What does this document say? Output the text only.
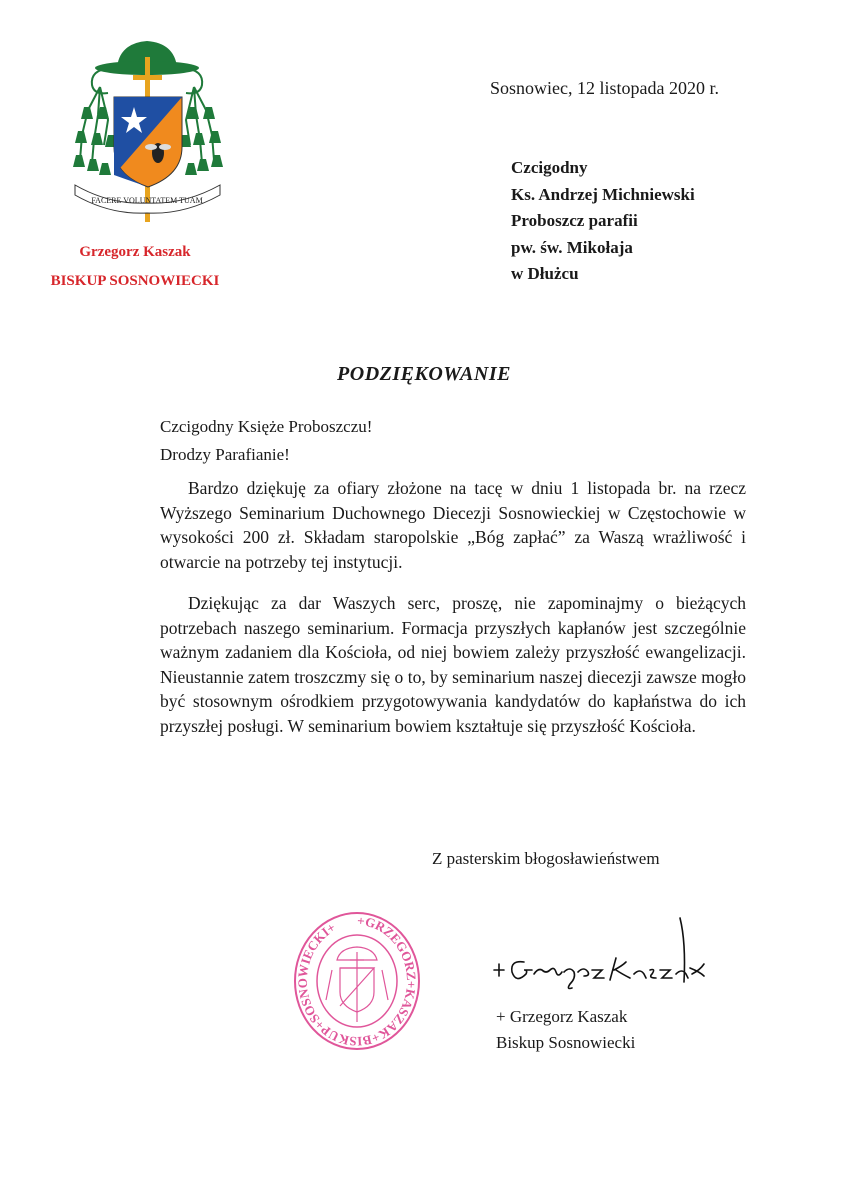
FACERE VOLUNTATEM TUAM
Grzegorz Kaszak
BISKUP SOSNOWIECKI
Sosnowiec, 12 listopada 2020 r.
Czcigodny
Ks. Andrzej Michniewski
Proboszcz parafii
pw. św. Mikołaja
w Dłużcu
PODZIĘKOWANIE
Czcigodny Księże Proboszczu!
Drodzy Parafianie!

Bardzo dziękuję za ofiary złożone na tacę w dniu 1 listopada br. na rzecz Wyższego Seminarium Duchownego Diecezji Sosnowieckiej w Częstochowie w wysokości 200 zł. Składam staropolskie „Bóg zapłać” za Waszą wrażliwość i otwarcie na potrzeby tej instytucji.

Dziękując za dar Waszych serc, proszę, nie zapominajmy o bieżących potrzebach naszego seminarium. Formacja przyszłych kapłanów jest szczególnie ważnym zadaniem dla Kościoła, od niej bowiem zależy przyszłość ewangelizacji. Nieustannie zatem troszczmy się o to, by seminarium naszej diecezji zawsze mogło być stosownym ośrodkiem przygotowywania kandydatów do kapłaństwa do ich przyszłej posługi. W seminarium bowiem kształtuje się przyszłość Kościoła.

Z pasterskim błogosławieństwem
+GRZEGORZ+KASZAK+BISKUP+SOSNOWIECKI+
+ Grzegorz Kaszak
Biskup Sosnowiecki
